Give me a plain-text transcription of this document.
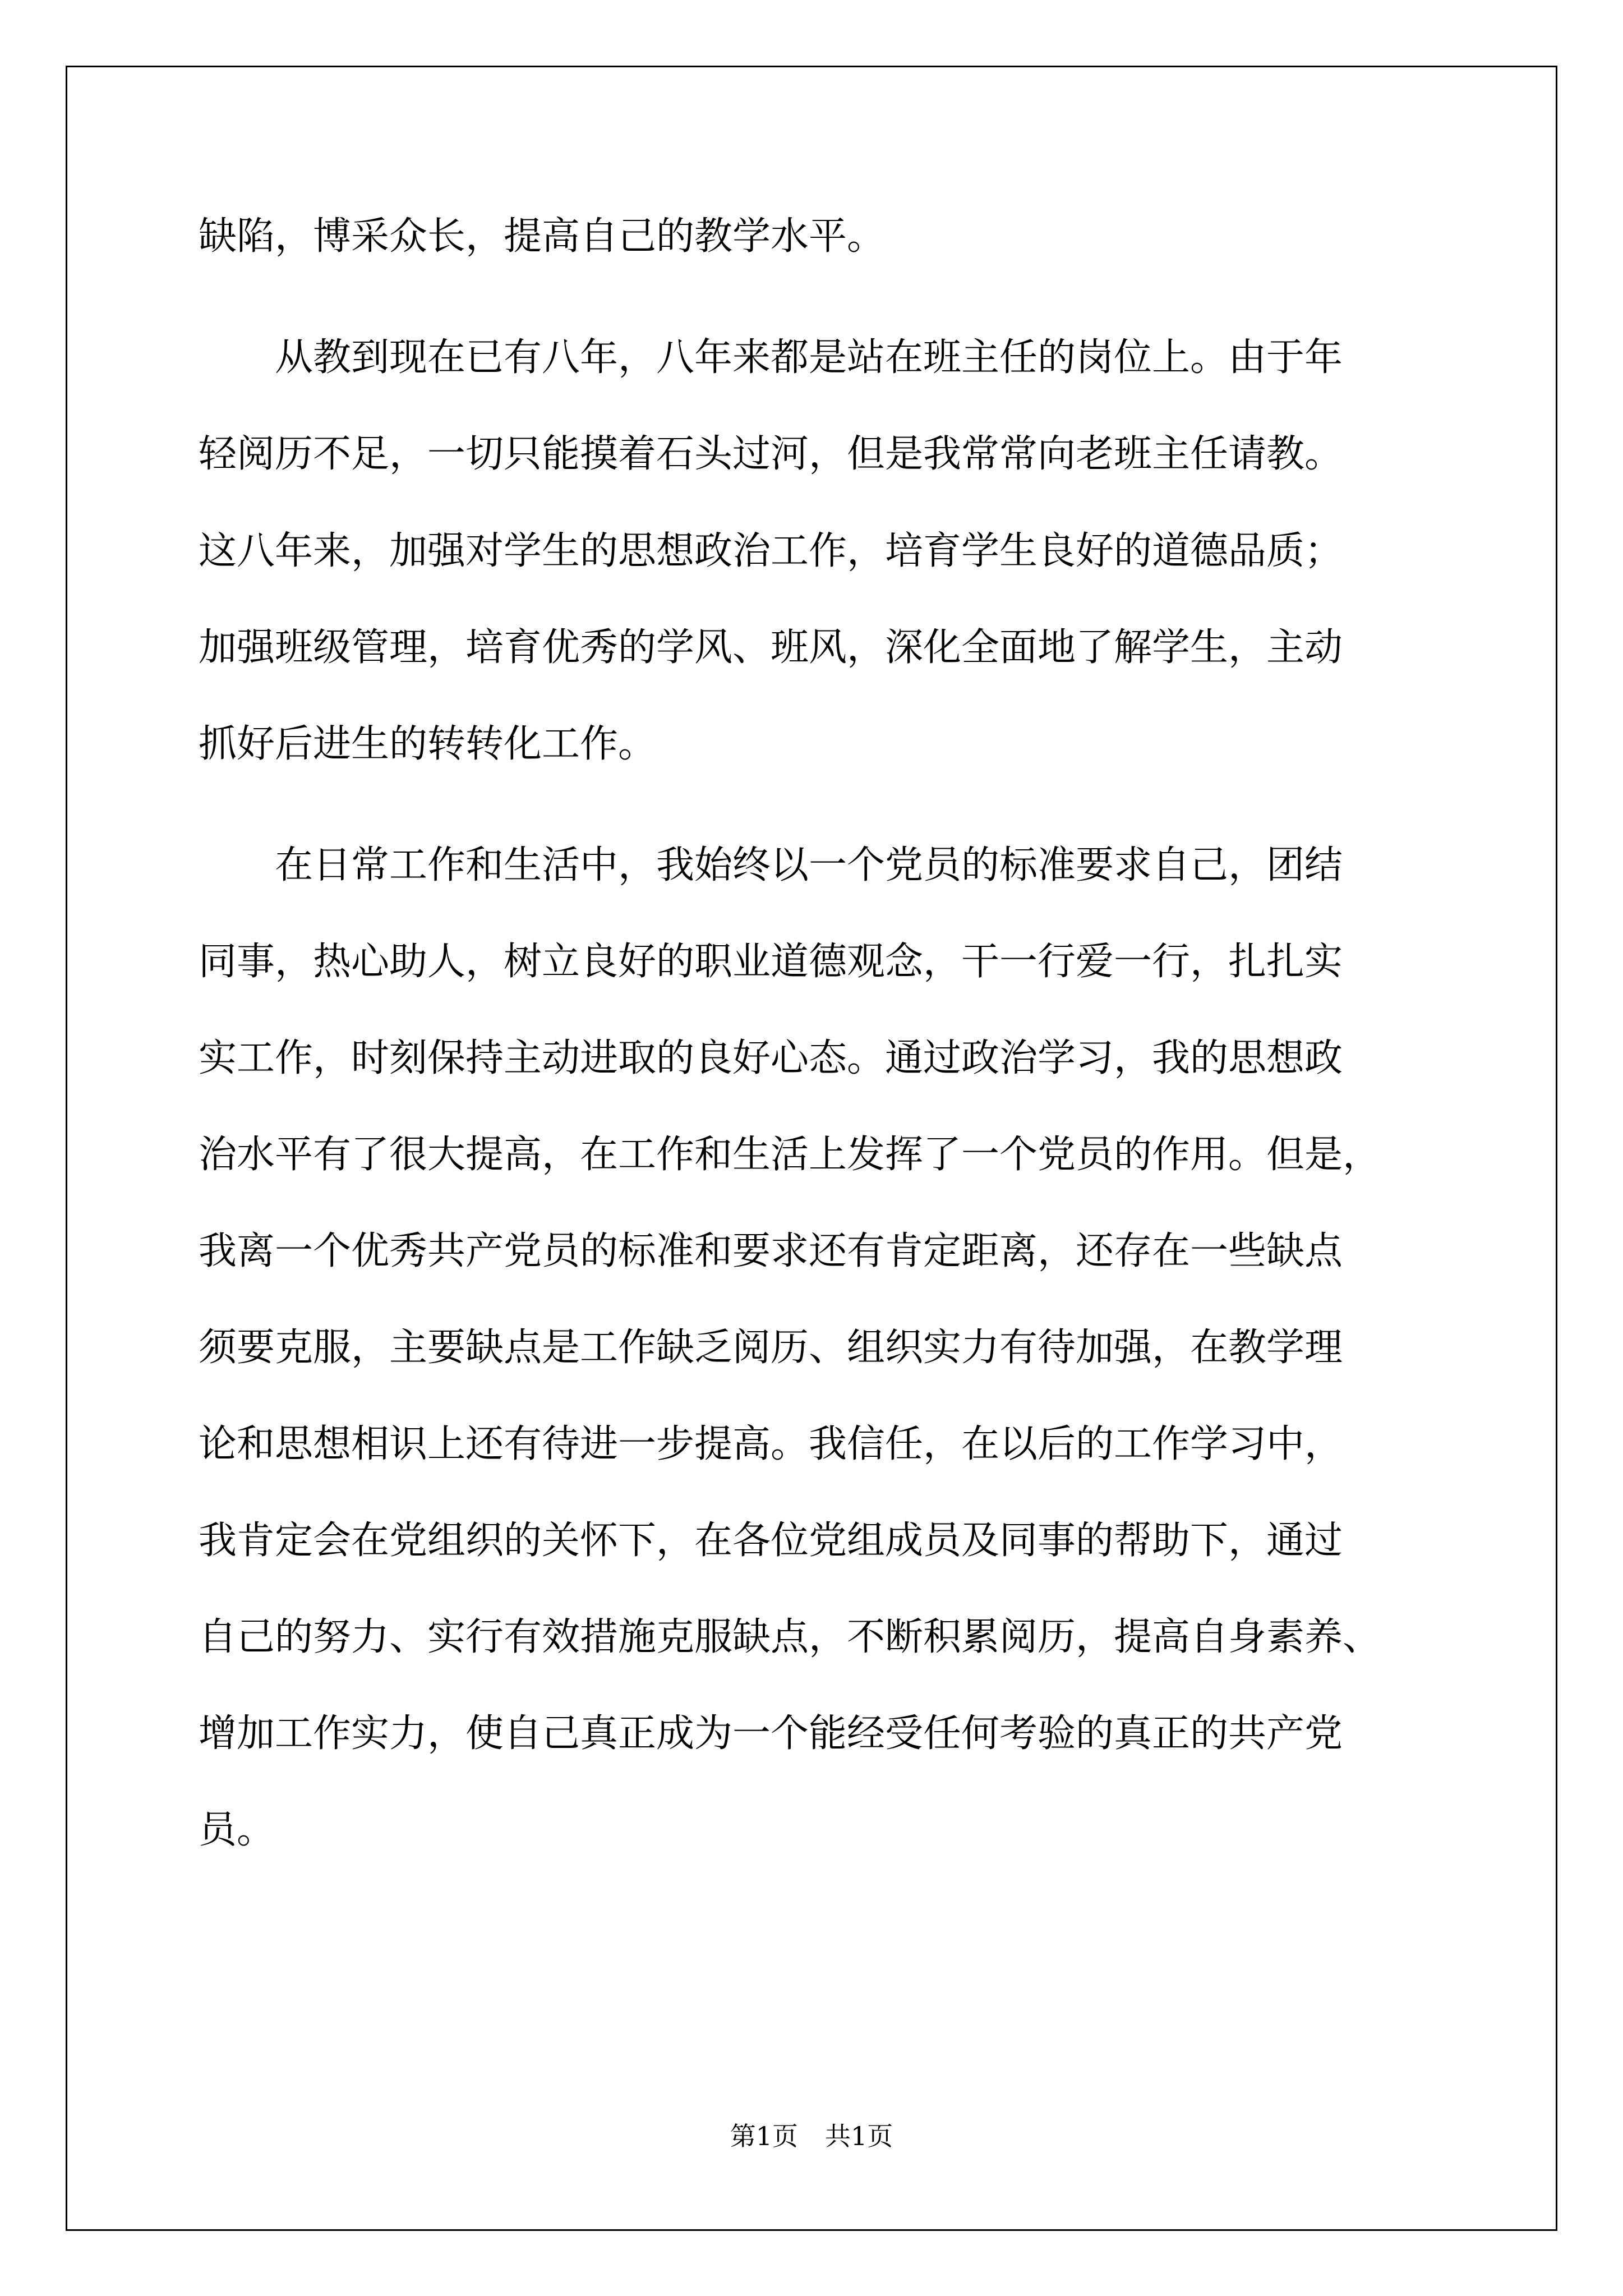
缺陷，博采众长，提高自己的教学水平。
从教到现在已有八年，八年来都是站在班主任的岗位上。由于年
轻阅历不足，一切只能摸着石头过河，但是我常常向老班主任请教。
这八年来，加强对学生的思想政治工作，培育学生良好的道德品质；
加强班级管理，培育优秀的学风、班风，深化全面地了解学生，主动
抓好后进生的转转化工作。
在日常工作和生活中，我始终以一个党员的标准要求自己，团结
同事，热心助人，树立良好的职业道德观念，干一行爱一行，扎扎实
实工作，时刻保持主动进取的良好心态。通过政治学习，我的思想政
治水平有了很大提高，在工作和生活上发挥了一个党员的作用。但是，
我离一个优秀共产党员的标准和要求还有肯定距离，还存在一些缺点
须要克服，主要缺点是工作缺乏阅历、组织实力有待加强，在教学理
论和思想相识上还有待进一步提高。我信任，在以后的工作学习中，
我肯定会在党组织的关怀下，在各位党组成员及同事的帮助下，通过
自己的努力、实行有效措施克服缺点，不断积累阅历，提高自身素养、
增加工作实力，使自己真正成为一个能经受任何考验的真正的共产党
员。
第1页 共1页
